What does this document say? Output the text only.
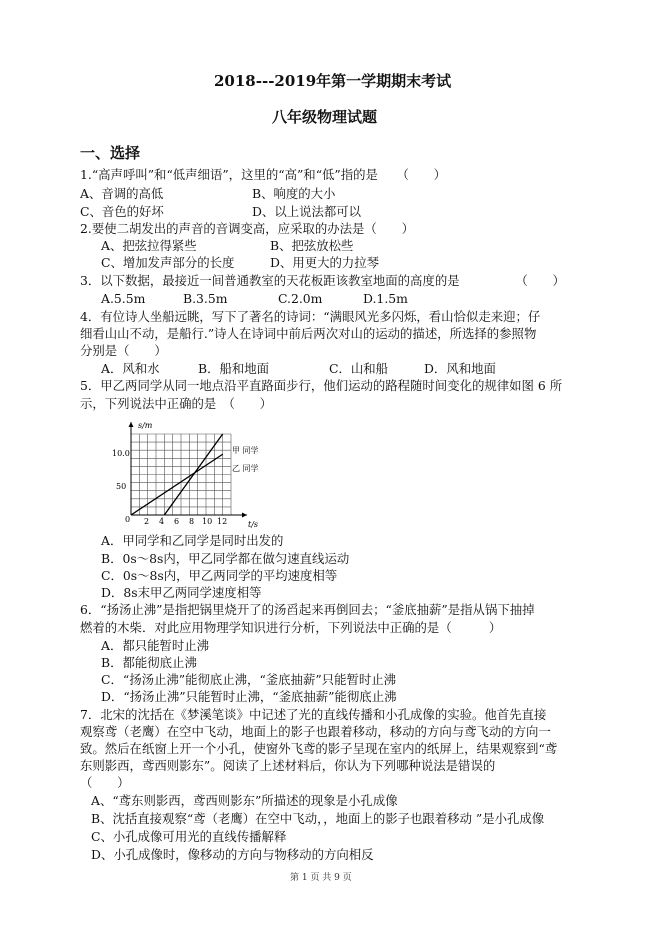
2018---2019年第一学期期末考试
八年级物理试题
一、选择
1.“高声呼叫”和“低声细语”，这里的“高”和“低”指的是　　（　　）
A、音调的高低	B、响度的大小
C、音色的好坏	D、以上说法都可以
2.要使二胡发出的声音的音调变高，应采取的办法是（　　）
A、把弦拉得紧些	B、把弦放松些
C、增加发声部分的长度	D、用更大的力拉琴
3．以下数据，最接近一间普通教室的天花板距该教室地面的高度的是　　　　　（　　）
A.5.5m	B.3.5m	C.2.0m	D.1.5m
4．有位诗人坐船远眺，写下了著名的诗词：“满眼风光多闪烁，看山恰似走来迎；仔
细看山山不动，是船行.”诗人在诗词中前后两次对山的运动的描述，所选择的参照物
分别是（　　）
A．风和水	B．船和地面	C．山和船	D．风和地面
5．甲乙两同学从同一地点沿平直路面步行，他们运动的路程随时间变化的规律如图 6 所
示，下列说法中正确的是　（　　）
s/m
t/s
10.0
50
0 2 4 6 8 10 12
甲 同学
乙 同学
A．甲同学和乙同学是同时出发的
B．0s～8s内，甲乙同学都在做匀速直线运动
C．0s～8s内，甲乙两同学的平均速度相等
D．8s末甲乙两同学速度相等
6．“扬汤止沸”是指把锅里烧开了的汤舀起来再倒回去；“釜底抽薪”是指从锅下抽掉
燃着的木柴．对此应用物理学知识进行分析，下列说法中正确的是（　　　）
A．都只能暂时止沸
B．都能彻底止沸
C．“扬汤止沸”能彻底止沸，“釜底抽薪”只能暂时止沸
D．“扬汤止沸”只能暂时止沸，“釜底抽薪”能彻底止沸
7．北宋的沈括在《梦溪笔谈》中记述了光的直线传播和小孔成像的实验。他首先直接
观察鸢（老鹰）在空中飞动，地面上的影子也跟着移动，移动的方向与鸢飞动的方向一
致。然后在纸窗上开一个小孔，使窗外飞鸢的影子呈现在室内的纸屏上，结果观察到“鸢
东则影西，鸢西则影东”。阅读了上述材料后，你认为下列哪种说法是错误的
（　　）
A、“鸢东则影西，鸢西则影东”所描述的现象是小孔成像
B、沈括直接观察“鸢（老鹰）在空中飞动，，地面上的影子也跟着移动 ”是小孔成像
C、小孔成像可用光的直线传播解释
D、小孔成像时，像移动的方向与物移动的方向相反
第 1 页 共 9 页
